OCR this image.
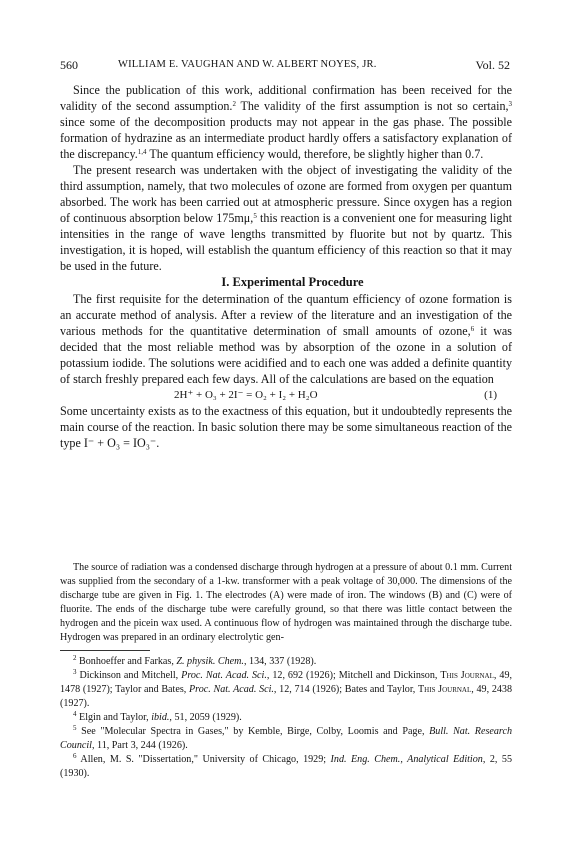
560	WILLIAM E. VAUGHAN AND W. ALBERT NOYES, JR.	Vol. 52

Since the publication of this work, additional confirmation has been received for the validity of the second assumption.$^2$ The validity of the first assumption is not so certain,$^3$ since some of the decomposition products may not appear in the gas phase. The possible formation of hydrazine as an intermediate product hardly offers a satisfactory explanation of the discrepancy.$^{1,4}$ The quantum efficiency would, therefore, be slightly higher than 0.7.

The present research was undertaken with the object of investigating the validity of the third assumption, namely, that two molecules of ozone are formed from oxygen per quantum absorbed. The work has been carried out at atmospheric pressure. Since oxygen has a region of continuous absorption below 175mμ,$^5$ this reaction is a convenient one for measuring light intensities in the range of wave lengths transmitted by fluorite but not by quartz. This investigation, it is hoped, will establish the quantum efficiency of this reaction so that it may be used in the future.

I. Experimental Procedure

The first requisite for the determination of the quantum efficiency of ozone formation is an accurate method of analysis. After a review of the literature and an investigation of the various methods for the quantitative determination of small amounts of ozone,$^6$ it was decided that the most reliable method was by absorption of the ozone in a solution of potassium iodide. The solutions were acidified and to each one was added a definite quantity of starch freshly prepared each few days. All of the calculations are based on the equation

2H⁺ + O₃ + 2I⁻ = O₂ + I₂ + H₂O	(1)

Some uncertainty exists as to the exactness of this equation, but it undoubtedly represents the main course of the reaction. In basic solution there may be some simultaneous reaction of the type I⁻ + O₃ = IO₃⁻.

The source of radiation was a condensed discharge through hydrogen at a pressure of about 0.1 mm. Current was supplied from the secondary of a 1-kw. transformer with a peak voltage of 30,000. The dimensions of the discharge tube are given in Fig. 1. The electrodes (A) were made of iron. The windows (B) and (C) were of fluorite. The ends of the discharge tube were carefully ground, so that there was little contact between the hydrogen and the picein wax used. A continuous flow of hydrogen was maintained through the discharge tube. Hydrogen was prepared in an ordinary electrolytic gen-

$^2$ Bonhoeffer and Farkas, Z. physik. Chem., 134, 337 (1928).

$^3$ Dickinson and Mitchell, Proc. Nat. Acad. Sci., 12, 692 (1926); Mitchell and Dickinson, This Journal, 49, 1478 (1927); Taylor and Bates, Proc. Nat. Acad. Sci., 12, 714 (1926); Bates and Taylor, This Journal, 49, 2438 (1927).

$^4$ Elgin and Taylor, ibid., 51, 2059 (1929).

$^5$ See "Molecular Spectra in Gases," by Kemble, Birge, Colby, Loomis and Page, Bull. Nat. Research Council, 11, Part 3, 244 (1926).

$^6$ Allen, M. S. "Dissertation," University of Chicago, 1929; Ind. Eng. Chem., Analytical Edition, 2, 55 (1930).
